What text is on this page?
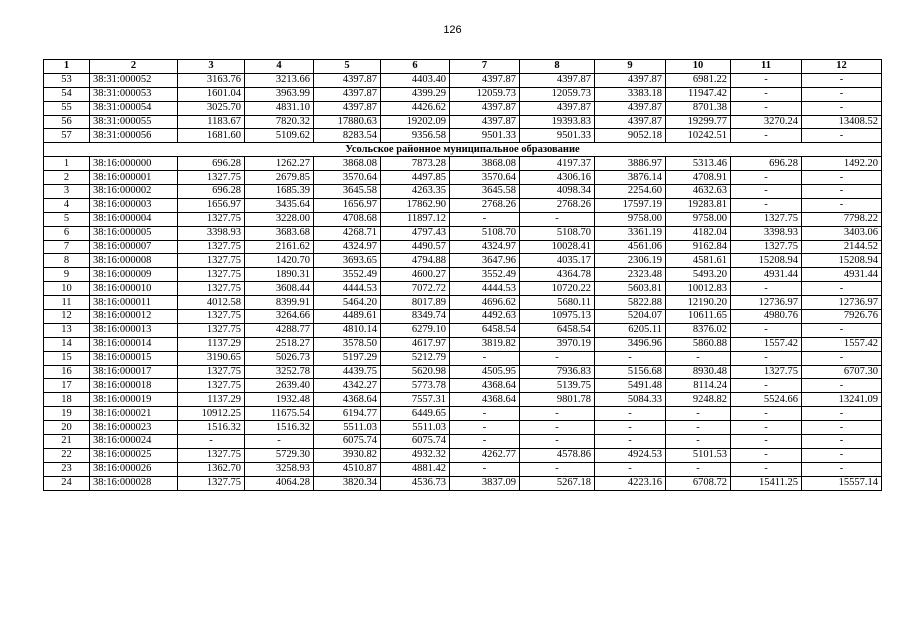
126
1	2	3	4	5	6	7	8	9	10	11	12
53	38:31:000052	3163.76	3213.66	4397.87	4403.40	4397.87	4397.87	4397.87	6981.22	-	-
54	38:31:000053	1601.04	3963.99	4397.87	4399.29	12059.73	12059.73	3383.18	11947.42	-	-
55	38:31:000054	3025.70	4831.10	4397.87	4426.62	4397.87	4397.87	4397.87	8701.38	-	-
56	38:31:000055	1183.67	7820.32	17880.63	19202.09	4397.87	19393.83	4397.87	19299.77	3270.24	13408.52
57	38:31:000056	1681.60	5109.62	8283.54	9356.58	9501.33	9501.33	9052.18	10242.51	-	-
Усольское районное муниципальное образование											
1	38:16:000000	696.28	1262.27	3868.08	7873.28	3868.08	4197.37	3886.97	5313.46	696.28	1492.20
2	38:16:000001	1327.75	2679.85	3570.64	4497.85	3570.64	4306.16	3876.14	4708.91	-	-
3	38:16:000002	696.28	1685.39	3645.58	4263.35	3645.58	4098.34	2254.60	4632.63	-	-
4	38:16:000003	1656.97	3435.64	1656.97	17862.90	2768.26	2768.26	17597.19	19283.81	-	-
5	38:16:000004	1327.75	3228.00	4708.68	11897.12	-	-	9758.00	9758.00	1327.75	7798.22
6	38:16:000005	3398.93	3683.68	4268.71	4797.43	5108.70	5108.70	3361.19	4182.04	3398.93	3403.06
7	38:16:000007	1327.75	2161.62	4324.97	4490.57	4324.97	10028.41	4561.06	9162.84	1327.75	2144.52
8	38:16:000008	1327.75	1420.70	3693.65	4794.88	3647.96	4035.17	2306.19	4581.61	15208.94	15208.94
9	38:16:000009	1327.75	1890.31	3552.49	4600.27	3552.49	4364.78	2323.48	5493.20	4931.44	4931.44
10	38:16:000010	1327.75	3608.44	4444.53	7072.72	4444.53	10720.22	5603.81	10012.83	-	-
11	38:16:000011	4012.58	8399.91	5464.20	8017.89	4696.62	5680.11	5822.88	12190.20	12736.97	12736.97
12	38:16:000012	1327.75	3264.66	4489.61	8349.74	4492.63	10975.13	5204.07	10611.65	4980.76	7926.76
13	38:16:000013	1327.75	4288.77	4810.14	6279.10	6458.54	6458.54	6205.11	8376.02	-	-
14	38:16:000014	1137.29	2518.27	3578.50	4617.97	3819.82	3970.19	3496.96	5860.88	1557.42	1557.42
15	38:16:000015	3190.65	5026.73	5197.29	5212.79	-	-	-	-	-	-
16	38:16:000017	1327.75	3252.78	4439.75	5620.98	4505.95	7936.83	5156.68	8930.48	1327.75	6707.30
17	38:16:000018	1327.75	2639.40	4342.27	5773.78	4368.64	5139.75	5491.48	8114.24	-	-
18	38:16:000019	1137.29	1932.48	4368.64	7557.31	4368.64	9801.78	5084.33	9248.82	5524.66	13241.09
19	38:16:000021	10912.25	11675.54	6194.77	6449.65	-	-	-	-	-	-
20	38:16:000023	1516.32	1516.32	5511.03	5511.03	-	-	-	-	-	-
21	38:16:000024	-	-	6075.74	6075.74	-	-	-	-	-	-
22	38:16:000025	1327.75	5729.30	3930.82	4932.32	4262.77	4578.86	4924.53	5101.53	-	-
23	38:16:000026	1362.70	3258.93	4510.87	4881.42	-	-	-	-	-	-
24	38:16:000028	1327.75	4064.28	3820.34	4536.73	3837.09	5267.18	4223.16	6708.72	15411.25	15557.14
